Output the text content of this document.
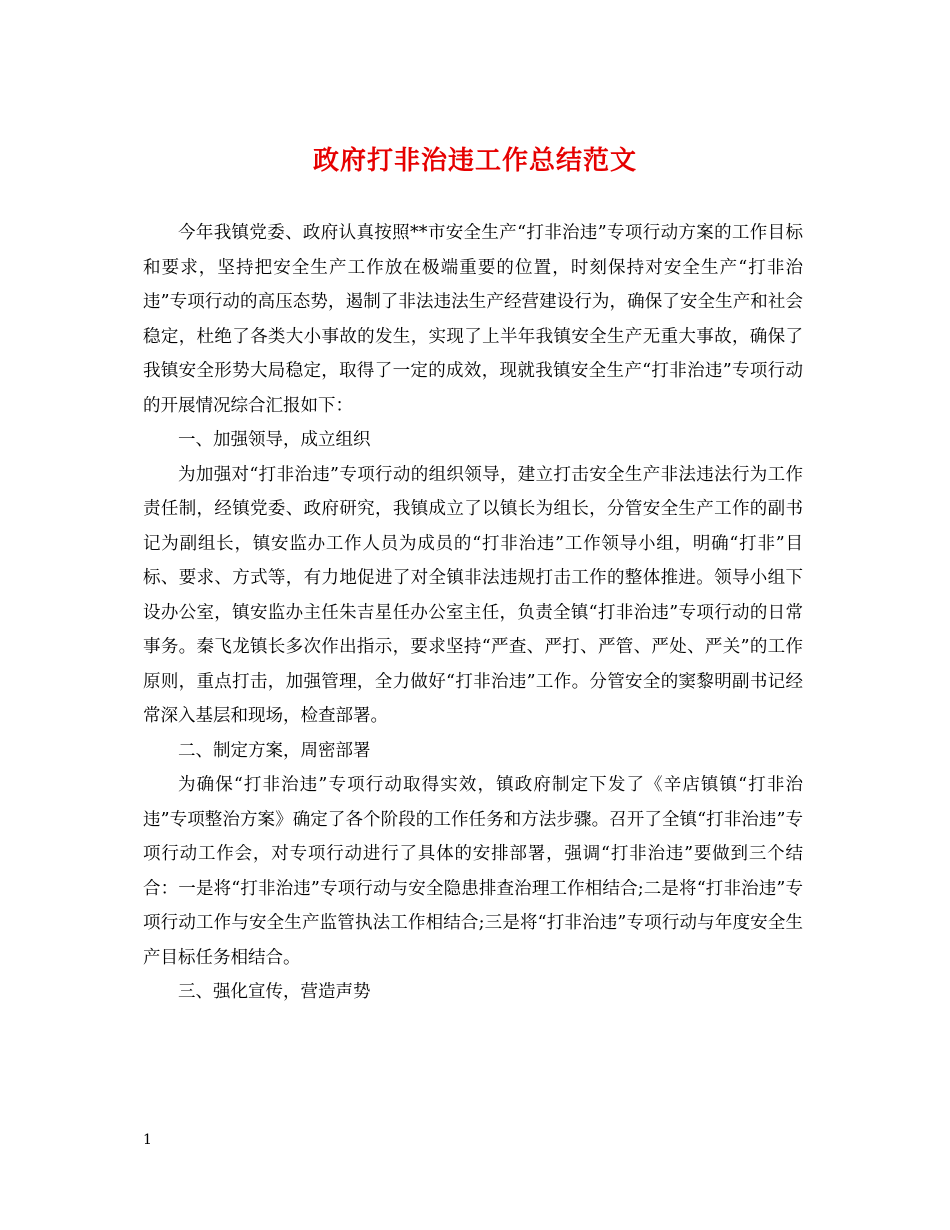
政府打非治违工作总结范文

今年我镇党委、政府认真按照**市安全生产“打非治违”专项行动方案的工作目标和要求，坚持把安全生产工作放在极端重要的位置，时刻保持对安全生产“打非治违”专项行动的高压态势，遏制了非法违法生产经营建设行为，确保了安全生产和社会稳定，杜绝了各类大小事故的发生，实现了上半年我镇安全生产无重大事故，确保了我镇安全形势大局稳定，取得了一定的成效，现就我镇安全生产“打非治违”专项行动的开展情况综合汇报如下：

一、加强领导，成立组织

为加强对“打非治违”专项行动的组织领导，建立打击安全生产非法违法行为工作责任制，经镇党委、政府研究，我镇成立了以镇长为组长，分管安全生产工作的副书记为副组长，镇安监办工作人员为成员的“打非治违”工作领导小组，明确“打非”目标、要求、方式等，有力地促进了对全镇非法违规打击工作的整体推进。领导小组下设办公室，镇安监办主任朱吉星任办公室主任，负责全镇“打非治违”专项行动的日常事务。秦飞龙镇长多次作出指示，要求坚持“严查、严打、严管、严处、严关”的工作原则，重点打击，加强管理，全力做好“打非治违”工作。分管安全的窦黎明副书记经常深入基层和现场，检查部署。

二、制定方案，周密部署

为确保“打非治违”专项行动取得实效，镇政府制定下发了《辛店镇镇“打非治违”专项整治方案》确定了各个阶段的工作任务和方法步骤。召开了全镇“打非治违”专项行动工作会，对专项行动进行了具体的安排部署，强调“打非治违”要做到三个结合：一是将“打非治违”专项行动与安全隐患排查治理工作相结合;二是将“打非治违”专项行动工作与安全生产监管执法工作相结合;三是将“打非治违”专项行动与年度安全生产目标任务相结合。

三、强化宣传，营造声势

1
